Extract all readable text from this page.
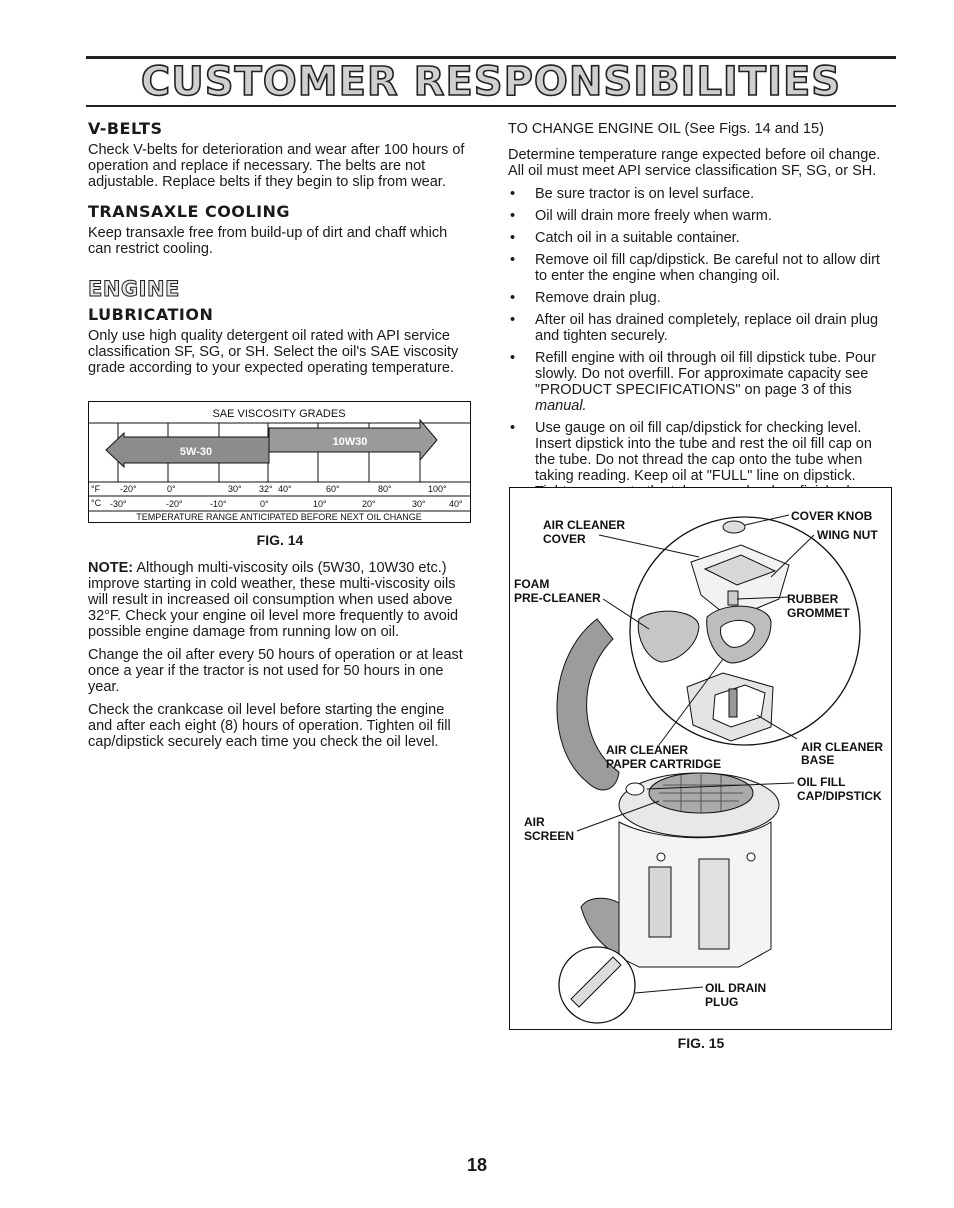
CUSTOMER RESPONSIBILITIES
V-BELTS

Check V-belts for deterioration and wear after 100 hours of operation and replace if necessary. The belts are not adjustable. Replace belts if they begin to slip from wear.

TRANSAXLE COOLING

Keep transaxle free from build-up of dirt and chaff which can restrict cooling.

ENGINE
LUBRICATION

Only use high quality detergent oil rated with API service classification SF, SG, or SH. Select the oil's SAE viscosity grade according to your expected operating temperature.

SAE VISCOSITY GRADES
10W30
5W-30
°F -20°	0°	30° 32° 40°	60°	80°	100°
°C -30°	-20°	-10°	0°	10°	20°	30°	40°
TEMPERATURE RANGE ANTICIPATED BEFORE NEXT OIL CHANGE
FIG. 14

NOTE: Although multi-viscosity oils (5W30, 10W30 etc.) improve starting in cold weather, these multi-viscosity oils will result in increased oil consumption when used above 32°F. Check your engine oil level more frequently to avoid possible engine damage from running low on oil.

Change the oil after every 50 hours of operation or at least once a year if the tractor is not used for 50 hours in one year.

Check the crankcase oil level before starting the engine and after each eight (8) hours of operation. Tighten oil fill cap/dipstick securely each time you check the oil level.

TO CHANGE ENGINE OIL (See Figs. 14 and 15)

Determine temperature range expected before oil change. All oil must meet API service classification SF, SG, or SH.

• Be sure tractor is on level surface.
• Oil will drain more freely when warm.
• Catch oil in a suitable container.
• Remove oil fill cap/dipstick. Be careful not to allow dirt to enter the engine when changing oil.
• Remove drain plug.
• After oil has drained completely, replace oil drain plug and tighten securely.
• Refill engine with oil through oil fill dipstick tube. Pour slowly. Do not overfill. For approximate capacity see "PRODUCT SPECIFICATIONS" on page 3 of this manual.
• Use gauge on oil fill cap/dipstick for checking level. Insert dipstick into the tube and rest the oil fill cap on the tube. Do not thread the cap onto the tube when taking reading. Keep oil at "FULL" line on dipstick.
AIR CLEANER
COVER
COVER KNOB
WING NUT
FOAM
PRE-CLEANER	RUBBER
GROMMET
AIR CLEANER
PAPER CARTRIDGE
AIR CLEANER
BASE
OIL FILL
CAP/DIPSTICK
AIR
SCREEN
OIL DRAIN
PLUG
FIG. 15
18
